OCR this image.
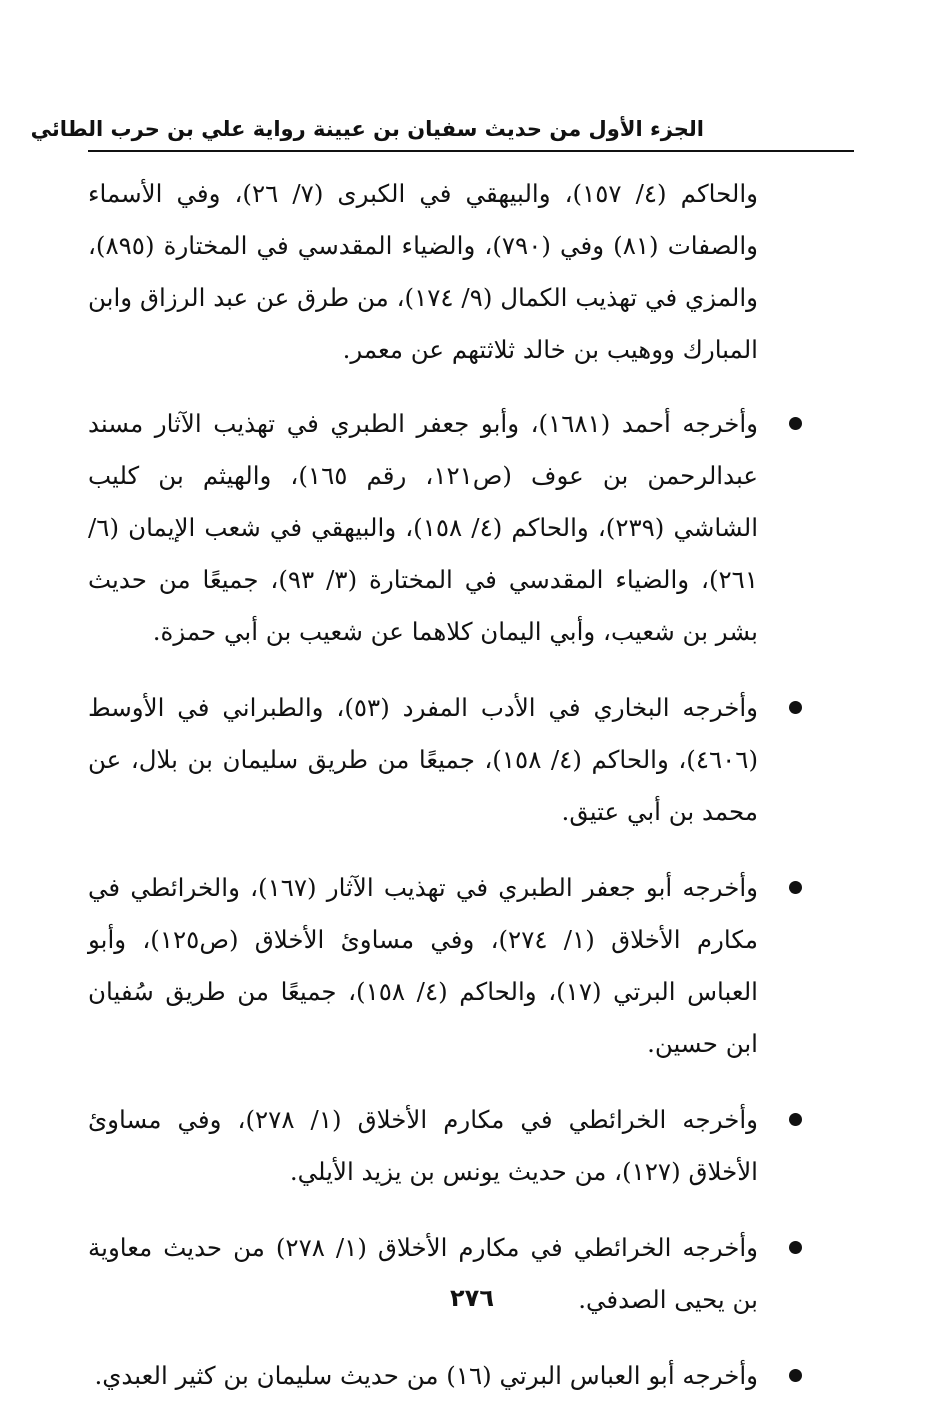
الجزء الأول من حديث سفيان بن عيينة رواية علي بن حرب الطائي

والحاكم (٤/ ١٥٧)، والبيهقي في الكبرى (٧/ ٢٦)، وفي الأسماء والصفات (٨١) وفي (٧٩٠)، والضياء المقدسي في المختارة (٨٩٥)، والمزي في تهذيب الكمال (٩/ ١٧٤)، من طرق عن عبد الرزاق وابن المبارك ووهيب بن خالد ثلاثتهم عن معمر.

وأخرجه أحمد (١٦٨١)، وأبو جعفر الطبري في تهذيب الآثار مسند عبدالرحمن بن عوف (ص١٢١، رقم ١٦٥)، والهيثم بن كليب الشاشي (٢٣٩)، والحاكم (٤/ ١٥٨)، والبيهقي في شعب الإيمان (٦/ ٢٦١)، والضياء المقدسي في المختارة (٣/ ٩٣)، جميعًا من حديث بشر بن شعيب، وأبي اليمان كلاهما عن شعيب بن أبي حمزة.
وأخرجه البخاري في الأدب المفرد (٥٣)، والطبراني في الأوسط (٤٦٠٦)، والحاكم (٤/ ١٥٨)، جميعًا من طريق سليمان بن بلال، عن محمد بن أبي عتيق.
وأخرجه أبو جعفر الطبري في تهذيب الآثار (١٦٧)، والخرائطي في مكارم الأخلاق (١/ ٢٧٤)، وفي مساوئ الأخلاق (ص١٢٥)، وأبو العباس البرتي (١٧)، والحاكم (٤/ ١٥٨)، جميعًا من طريق سُفيان ابن حسين.
وأخرجه الخرائطي في مكارم الأخلاق (١/ ٢٧٨)، وفي مساوئ الأخلاق (١٢٧)، من حديث يونس بن يزيد الأيلي.
وأخرجه الخرائطي في مكارم الأخلاق (١/ ٢٧٨) من حديث معاوية بن يحيى الصدفي.
وأخرجه أبو العباس البرتي (١٦) من حديث سليمان بن كثير العبدي.
٢٧٦
